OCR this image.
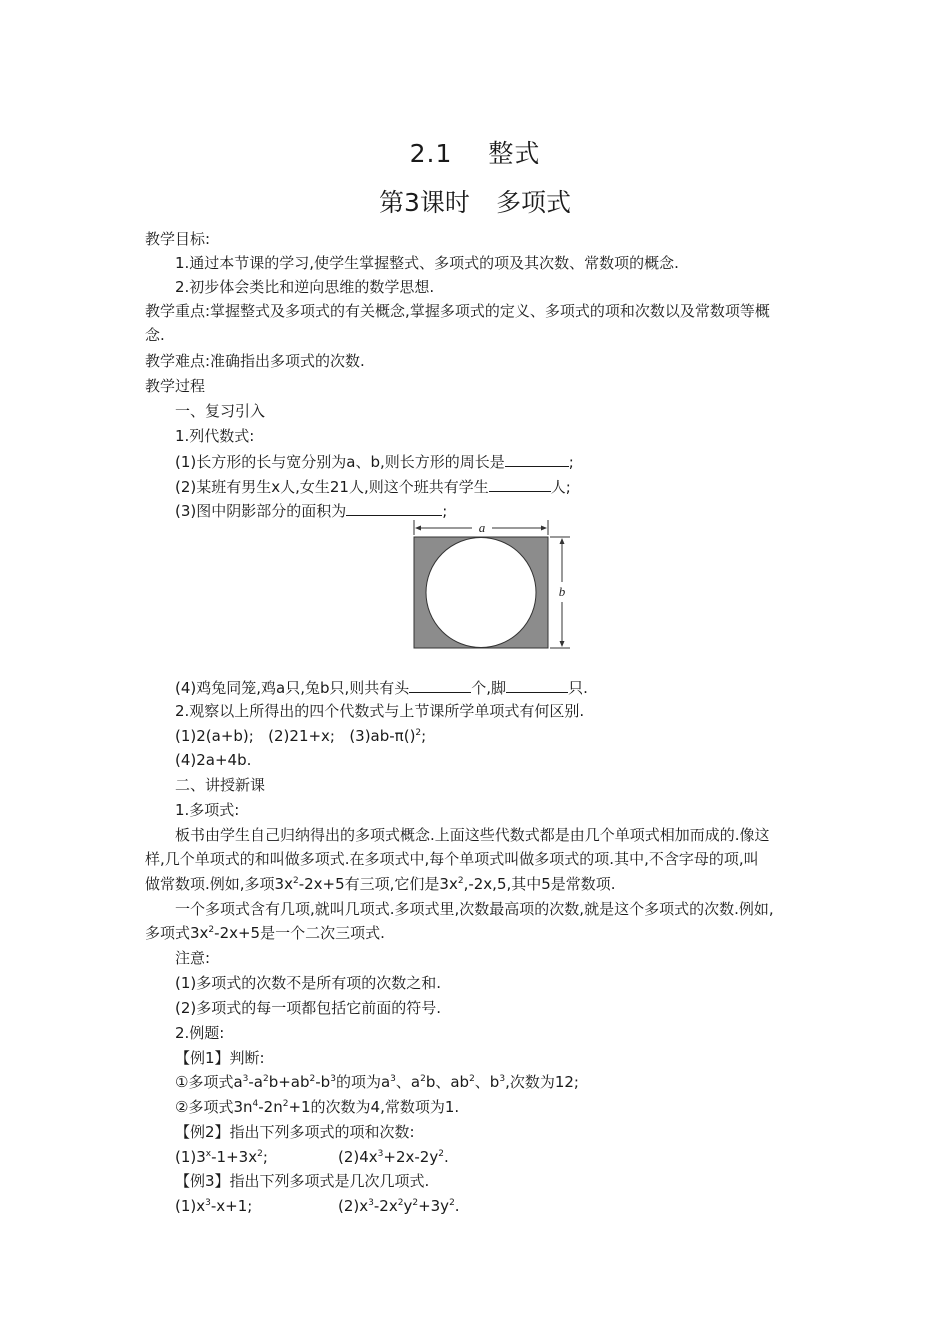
2.1 整式
第3课时 多项式
教学目标:
1.通过本节课的学习,使学生掌握整式、多项式的项及其次数、常数项的概念.
2.初步体会类比和逆向思维的数学思想.
教学重点:掌握整式及多项式的有关概念,掌握多项式的定义、多项式的项和次数以及常数项等概
念.
教学难点:准确指出多项式的次数.
教学过程
一、复习引入
1.列代数式:
(1)长方形的长与宽分别为a、b,则长方形的周长是	;
(2)某班有男生x人,女生21人,则这个班共有学生	人;
(3)图中阴影部分的面积为	;
a
b
(4)鸡兔同笼,鸡a只,兔b只,则共有头	个,脚	只.
2.观察以上所得出的四个代数式与上节课所学单项式有何区别.
(1)2(a+b); (2)21+x; (3)ab-π()$^2$;
(4)2a+4b.
二、讲授新课
1.多项式:
板书由学生自己归纳得出的多项式概念.上面这些代数式都是由几个单项式相加而成的.像这
样,几个单项式的和叫做多项式.在多项式中,每个单项式叫做多项式的项.其中,不含字母的项,叫
做常数项.例如,多项$3x^2-2x+5$有三项,它们是$3x^2,-2x,5$,其中5是常数项.
一个多项式含有几项,就叫几项式.多项式里,次数最高项的次数,就是这个多项式的次数.例如,
多项式$3x^2-2x+5$是一个二次三项式.
注意:
(1)多项式的次数不是所有项的次数之和.
(2)多项式的每一项都包括它前面的符号.
2.例题:
【例1】判断:
①多项式$a^3-a^2b+ab^2-b^3$的项为$a^3$、$a^2b$、$ab^2$、$b^3$,次数为12;
②多项式$3n^4-2n^2+1$的次数为4,常数项为1.
【例2】指出下列多项式的项和次数:
$(1)3^x-1+3x^2$;	$(2)4x^3+2x-2y^2$.
【例3】指出下列多项式是几次几项式.
$(1)x^3-x+1$;	$(2)x^3-2x^2y^2+3y^2$.
